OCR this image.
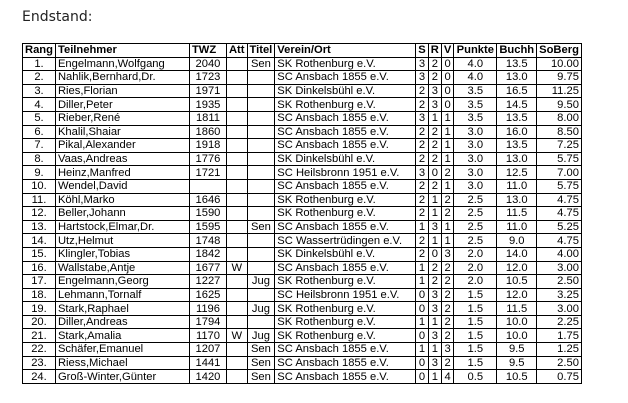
Endstand:
Rang	Teilnehmer	TWZ	Att	Titel	Verein/Ort	S	R	V	Punkte	Buchh	SoBerg
1.	Engelmann,Wolfgang	2040		Sen	SK Rothenburg e.V.	3	2	0	4.0	13.5	10.00
2.	Nahlik,Bernhard,Dr.	1723			SC Ansbach 1855 e.V.	3	2	0	4.0	13.0	9.75
3.	Ries,Florian	1971			SK Dinkelsbühl e.V.	2	3	0	3.5	16.5	11.25
4.	Diller,Peter	1935			SK Rothenburg e.V.	2	3	0	3.5	14.5	9.50
5.	Rieber,René	1811			SC Ansbach 1855 e.V.	3	1	1	3.5	13.5	8.00
6.	Khalil,Shaiar	1860			SC Ansbach 1855 e.V.	2	2	1	3.0	16.0	8.50
7.	Pikal,Alexander	1918			SC Ansbach 1855 e.V.	2	2	1	3.0	13.5	7.25
8.	Vaas,Andreas	1776			SK Dinkelsbühl e.V.	2	2	1	3.0	13.0	5.75
9.	Heinz,Manfred	1721			SC Heilsbronn 1951 e.V.	3	0	2	3.0	12.5	7.00
10.	Wendel,David				SC Ansbach 1855 e.V.	2	2	1	3.0	11.0	5.75
11.	Köhl,Marko	1646			SK Rothenburg e.V.	2	1	2	2.5	13.0	4.75
12.	Beller,Johann	1590			SK Rothenburg e.V.	2	1	2	2.5	11.5	4.75
13.	Hartstock,Elmar,Dr.	1595		Sen	SC Ansbach 1855 e.V.	1	3	1	2.5	11.0	5.25
14.	Utz,Helmut	1748			SC Wassertrüdingen e.V.	2	1	1	2.5	9.0	4.75
15.	Klingler,Tobias	1842			SK Dinkelsbühl e.V.	2	0	3	2.0	14.0	4.00
16.	Wallstabe,Antje	1677	W		SC Ansbach 1855 e.V.	1	2	2	2.0	12.0	3.00
17.	Engelmann,Georg	1227		Jug	SK Rothenburg e.V.	1	2	2	2.0	10.5	2.50
18.	Lehmann,Tornalf	1625			SC Heilsbronn 1951 e.V.	0	3	2	1.5	12.0	3.25
19.	Stark,Raphael	1196		Jug	SK Rothenburg e.V.	0	3	2	1.5	11.5	3.00
20.	Diller,Andreas	1794			SK Rothenburg e.V.	1	1	2	1.5	10.0	2.25
21.	Stark,Amalia	1170	W	Jug	SK Rothenburg e.V.	0	3	2	1.5	10.0	1.75
22.	Schäfer,Emanuel	1207		Sen	SC Ansbach 1855 e.V.	1	1	3	1.5	9.5	1.25
23.	Riess,Michael	1441		Sen	SC Ansbach 1855 e.V.	0	3	2	1.5	9.5	2.50
24.	Groß-Winter,Günter	1420		Sen	SC Ansbach 1855 e.V.	0	1	4	0.5	10.5	0.75
